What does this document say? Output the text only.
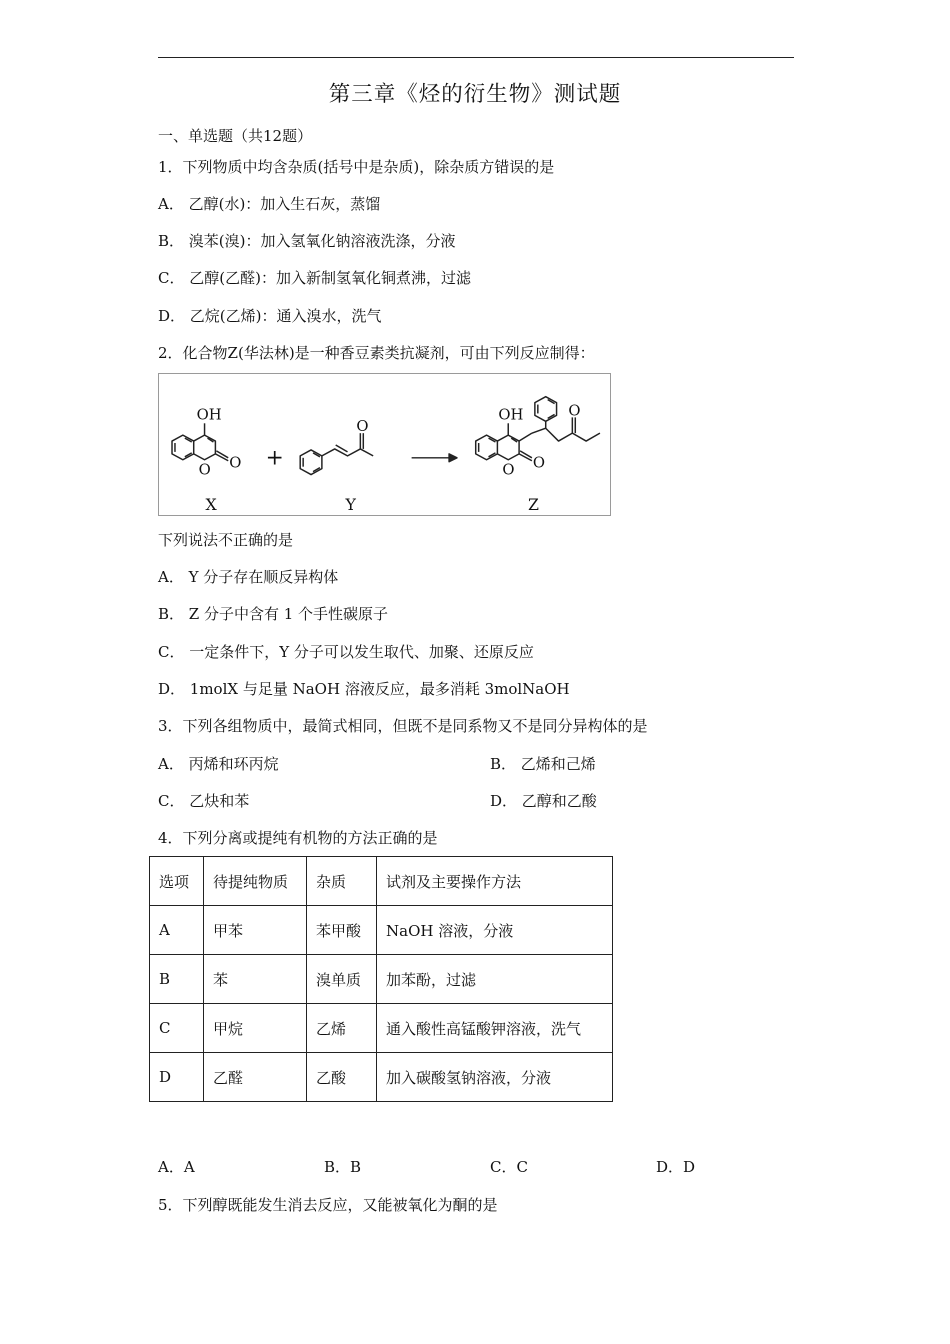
第三章《烃的衍生物》测试题
一、单选题（共12题）
1．下列物质中均含杂质(括号中是杂质)，除杂质方错误的是
A． 乙醇(水)：加入生石灰，蒸馏
B． 溴苯(溴)：加入氢氧化钠溶液洗涤，分液
C． 乙醇(乙醛)：加入新制氢氧化铜煮沸，过滤
D． 乙烷(乙烯)：通入溴水，洗气
2．化合物Z(华法林)是一种香豆素类抗凝剂，可由下列反应制得：
OH
O O
X
+
O
Y
OH
O O
O
Z
下列说法不正确的是
A． Y 分子存在顺反异构体
B． Z 分子中含有 1 个手性碳原子
C． 一定条件下，Y 分子可以发生取代、加聚、还原反应
D． 1molX 与足量 NaOH 溶液反应，最多消耗 3molNaOH
3．下列各组物质中，最简式相同，但既不是同系物又不是同分异构体的是
A． 丙烯和环丙烷	B． 乙烯和己烯
C． 乙炔和苯	D． 乙醇和乙酸
4．下列分离或提纯有机物的方法正确的是
选项	待提纯物质	杂质	试剂及主要操作方法
A	甲苯	苯甲酸	NaOH 溶液，分液
B	苯	溴单质	加苯酚，过滤
C	甲烷	乙烯	通入酸性高锰酸钾溶液，洗气
D	乙醛	乙酸	加入碳酸氢钠溶液，分液
A．A	B．B	C．C	D．D
5．下列醇既能发生消去反应，又能被氧化为酮的是
